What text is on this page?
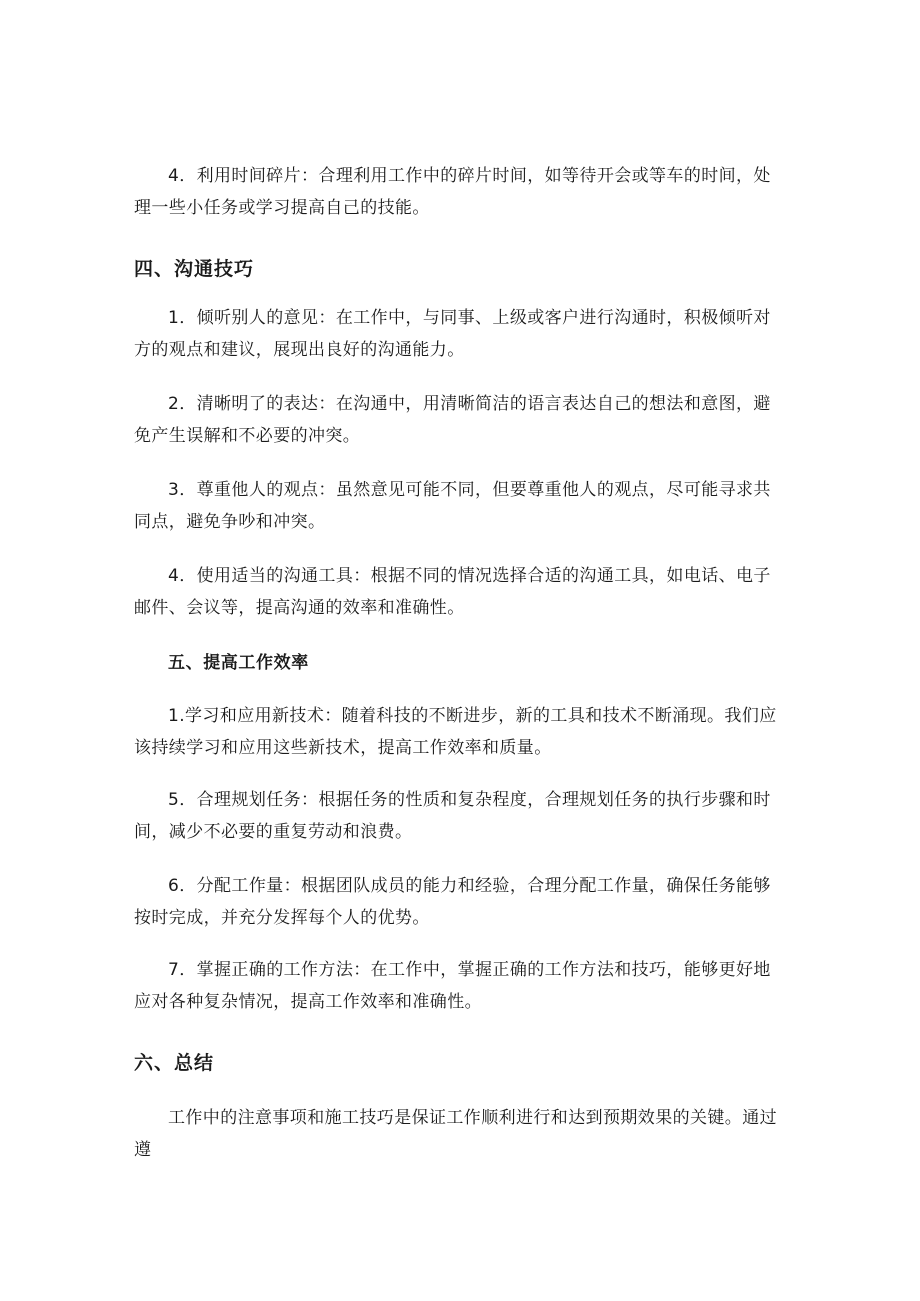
4．利用时间碎片：合理利用工作中的碎片时间，如等待开会或等车的时间，处理一些小任务或学习提高自己的技能。

四、沟通技巧

1．倾听别人的意见：在工作中，与同事、上级或客户进行沟通时，积极倾听对方的观点和建议，展现出良好的沟通能力。

2．清晰明了的表达：在沟通中，用清晰简洁的语言表达自己的想法和意图，避免产生误解和不必要的冲突。

3．尊重他人的观点：虽然意见可能不同，但要尊重他人的观点，尽可能寻求共同点，避免争吵和冲突。

4．使用适当的沟通工具：根据不同的情况选择合适的沟通工具，如电话、电子邮件、会议等，提高沟通的效率和准确性。

五、提高工作效率

1.学习和应用新技术：随着科技的不断进步，新的工具和技术不断涌现。我们应该持续学习和应用这些新技术，提高工作效率和质量。

5．合理规划任务：根据任务的性质和复杂程度，合理规划任务的执行步骤和时间，减少不必要的重复劳动和浪费。

6．分配工作量：根据团队成员的能力和经验，合理分配工作量，确保任务能够按时完成，并充分发挥每个人的优势。

7．掌握正确的工作方法：在工作中，掌握正确的工作方法和技巧，能够更好地应对各种复杂情况，提高工作效率和准确性。

六、总结

工作中的注意事项和施工技巧是保证工作顺利进行和达到预期效果的关键。通过遵
